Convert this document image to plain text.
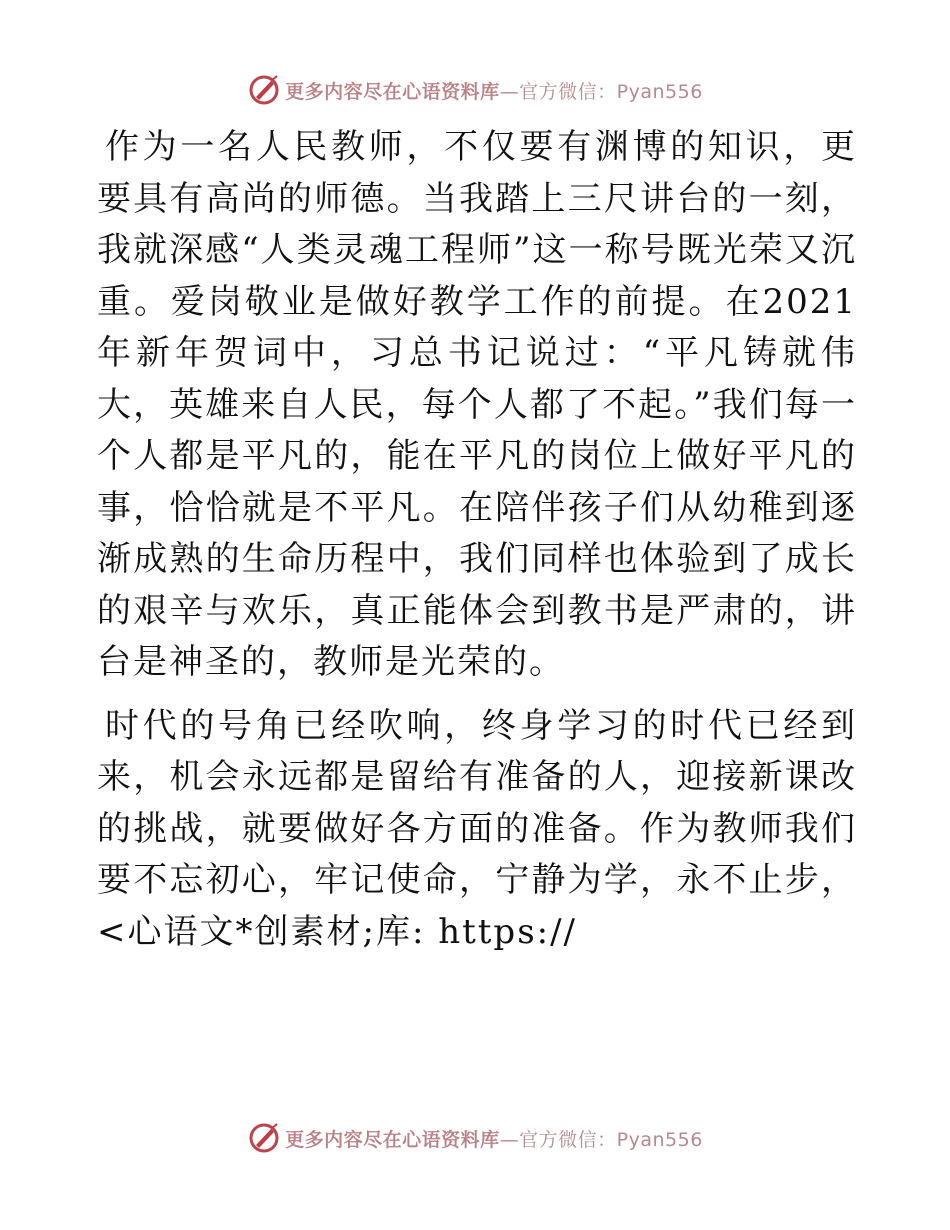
更多内容尽在心语资料库—官方微信：Pyan556

作为一名人民教师，不仅要有渊博的知识，更要具有高尚的师德。当我踏上三尺讲台的一刻，我就深感“人类灵魂工程师”这一称号既光荣又沉重。爱岗敬业是做好教学工作的前提。在2021年新年贺词中，习总书记说过：“平凡铸就伟大，英雄来自人民，每个人都了不起。”我们每一个人都是平凡的，能在平凡的岗位上做好平凡的事，恰恰就是不平凡。在陪伴孩子们从幼稚到逐渐成熟的生命历程中，我们同样也体验到了成长的艰辛与欢乐，真正能体会到教书是严肃的，讲台是神圣的，教师是光荣的。

时代的号角已经吹响，终身学习的时代已经到来，机会永远都是留给有准备的人，迎接新课改的挑战，就要做好各方面的准备。作为教师我们要不忘初心，牢记使命，宁静为学，永不止步，<心语文*创素材;库: https://

更多内容尽在心语资料库—官方微信：Pyan556
